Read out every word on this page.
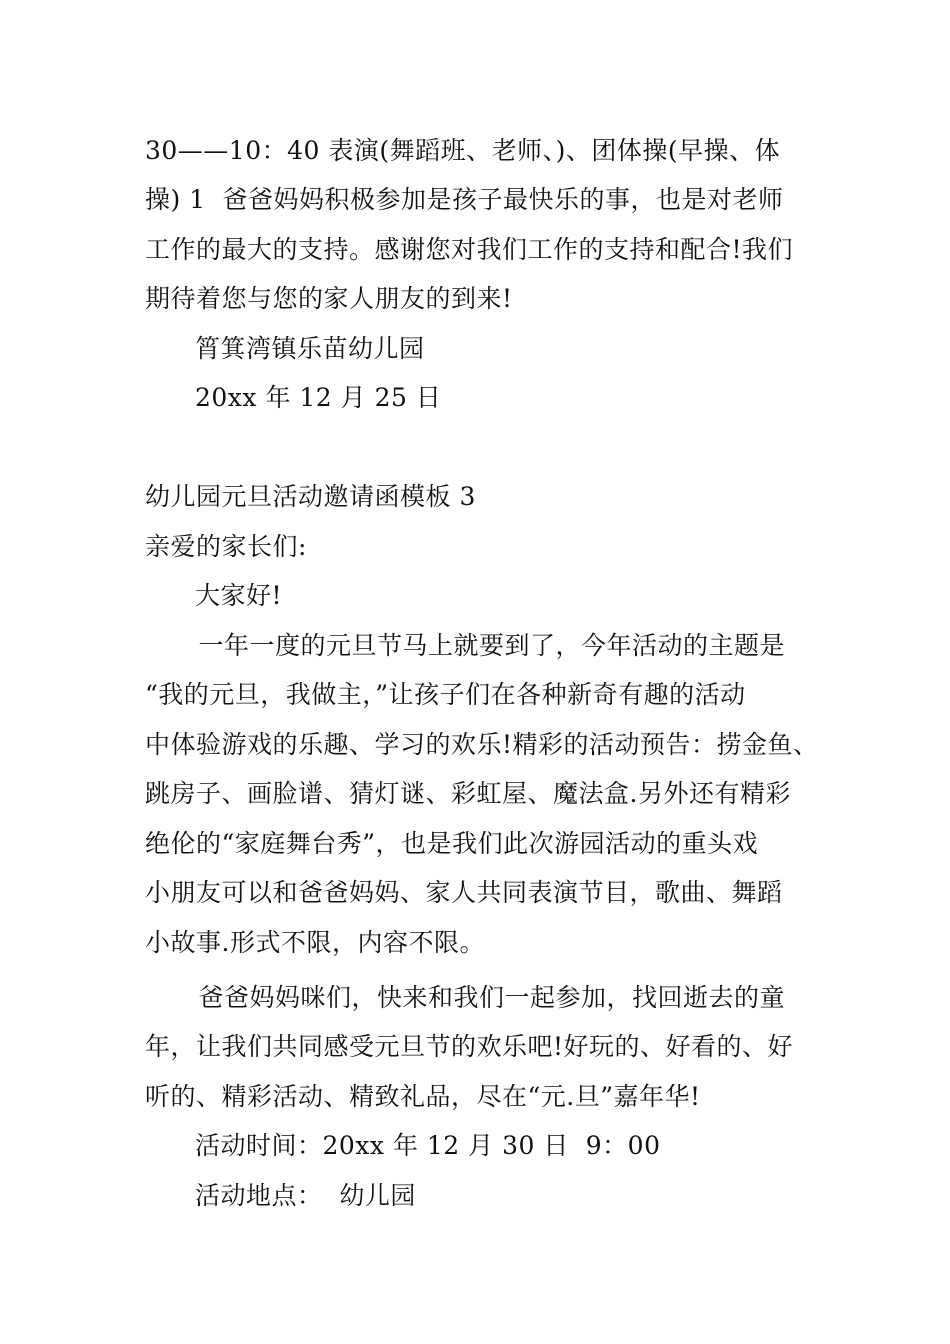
30——10：40 表演(舞蹈班、老师、)、团体操(早操、体
操) 1  爸爸妈妈积极参加是孩子最快乐的事，也是对老师
工作的最大的支持。感谢您对我们工作的支持和配合!我们
期待着您与您的家人朋友的到来!
筲箕湾镇乐苗幼儿园
20xx 年 12 月 25 日
幼儿园元旦活动邀请函模板 3
亲爱的家长们:
大家好!
一年一度的元旦节马上就要到了，今年活动的主题是
“我的元旦，我做主，”让孩子们在各种新奇有趣的活动
中体验游戏的乐趣、学习的欢乐!精彩的活动预告：捞金鱼、
跳房子、画脸谱、猜灯谜、彩虹屋、魔法盒.另外还有精彩
绝伦的“家庭舞台秀”，也是我们此次游园活动的重头戏
小朋友可以和爸爸妈妈、家人共同表演节目，歌曲、舞蹈
小故事.形式不限，内容不限。
爸爸妈妈咪们，快来和我们一起参加，找回逝去的童
年，让我们共同感受元旦节的欢乐吧!好玩的、好看的、好
听的、精彩活动、精致礼品，尽在“元.旦”嘉年华!
活动时间：20xx 年 12 月 30 日  9：00
活动地点：  幼儿园
